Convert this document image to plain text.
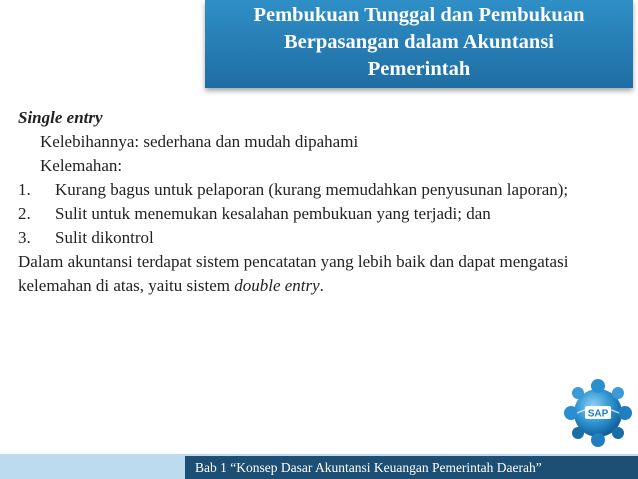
Pembukuan Tunggal dan Pembukuan
Berpasangan dalam Akuntansi
Pemerintah

Single entry

Kelebihannya: sederhana dan mudah dipahami

Kelemahan:

1.	Kurang bagus untuk pelaporan (kurang memudahkan penyusunan laporan);
2.	Sulit untuk menemukan kesalahan pembukuan yang terjadi; dan
3.	Sulit dikontrol

Dalam akuntansi terdapat sistem pencatatan yang lebih baik dan dapat mengatasi kelemahan di atas, yaitu sistem double entry.

SAP
Bab 1 “Konsep Dasar Akuntansi Keuangan Pemerintah Daerah”
